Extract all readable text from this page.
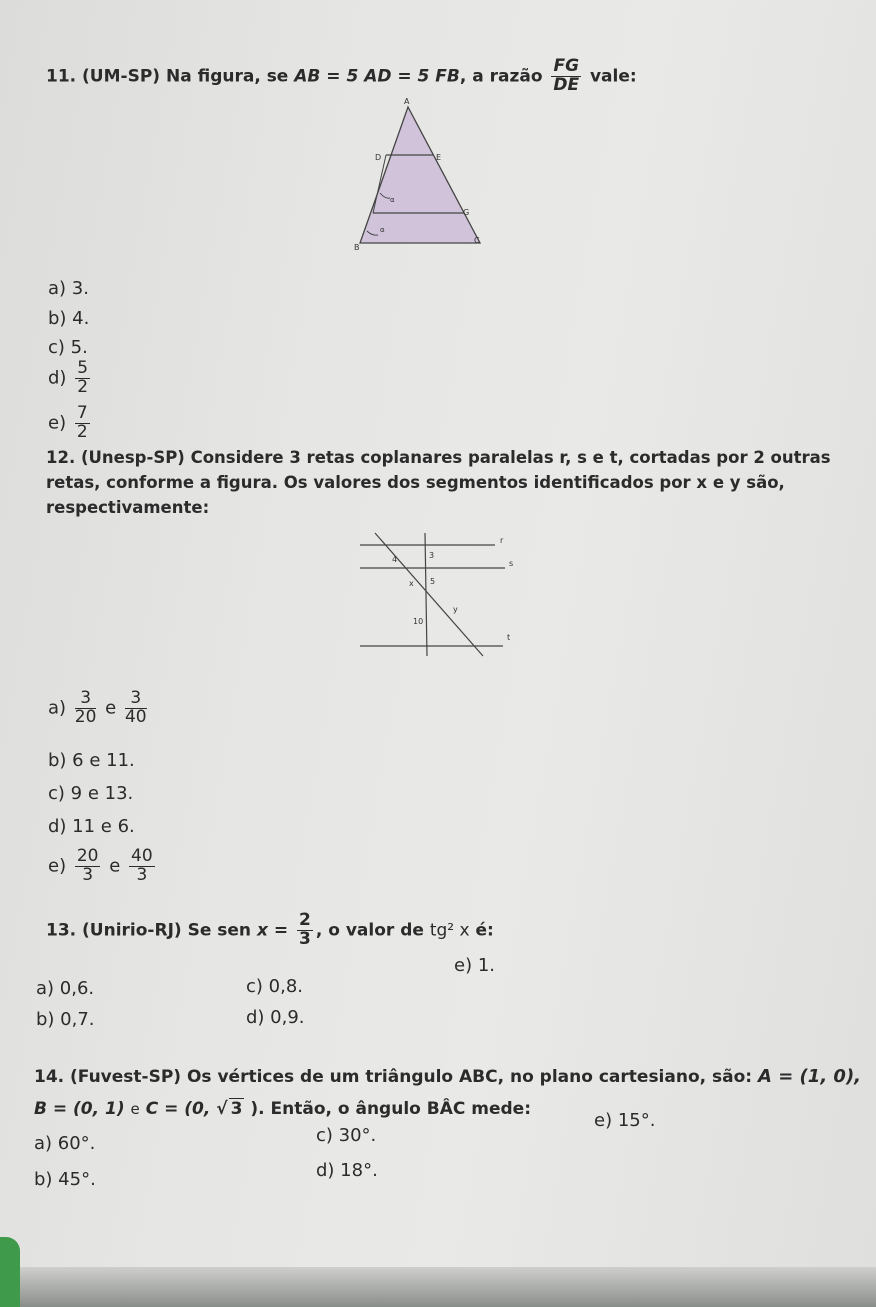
11. (UM-SP) Na figura, se AB = 5 AD = 5 FB, a razão $\frac{FG}{DE}$ vale:
A
D	E
G
B
C
α
α
a) 3.
b) 4.
c) 5.
$d) \frac{5}{2}$
$e) \frac{7}{2}$
12. (Unesp-SP) Considere 3 retas coplanares paralelas r, s e t, cortadas por 2 outras
retas, conforme a figura. Os valores dos segmentos identificados por x e y são,
respectivamente:
r
s
t
4	3
x 5
10
y
$a) \frac{3}{20}$ e $\frac{3}{40}$
b) 6 e 11.
c) 9 e 13.
d) 11 e 6.
$e) \frac{20}{3}$ e $\frac{40}{3}$
13. (Unirio-RJ) Se sen $x = \frac{2}{3}$ , o valor de tg² x é:
a) 0,6.
b) 0,7.
c) 0,8.
d) 0,9.
e) 1.
14. (Fuvest-SP) Os vértices de um triângulo ABC, no plano cartesiano, são: A = (1, 0),
B = (0, 1) e C = (0, √ 3 ). Então, o ângulo BÂC mede:
a) 60°.
b) 45°.
c) 30°.
d) 18°.
e) 15°.
